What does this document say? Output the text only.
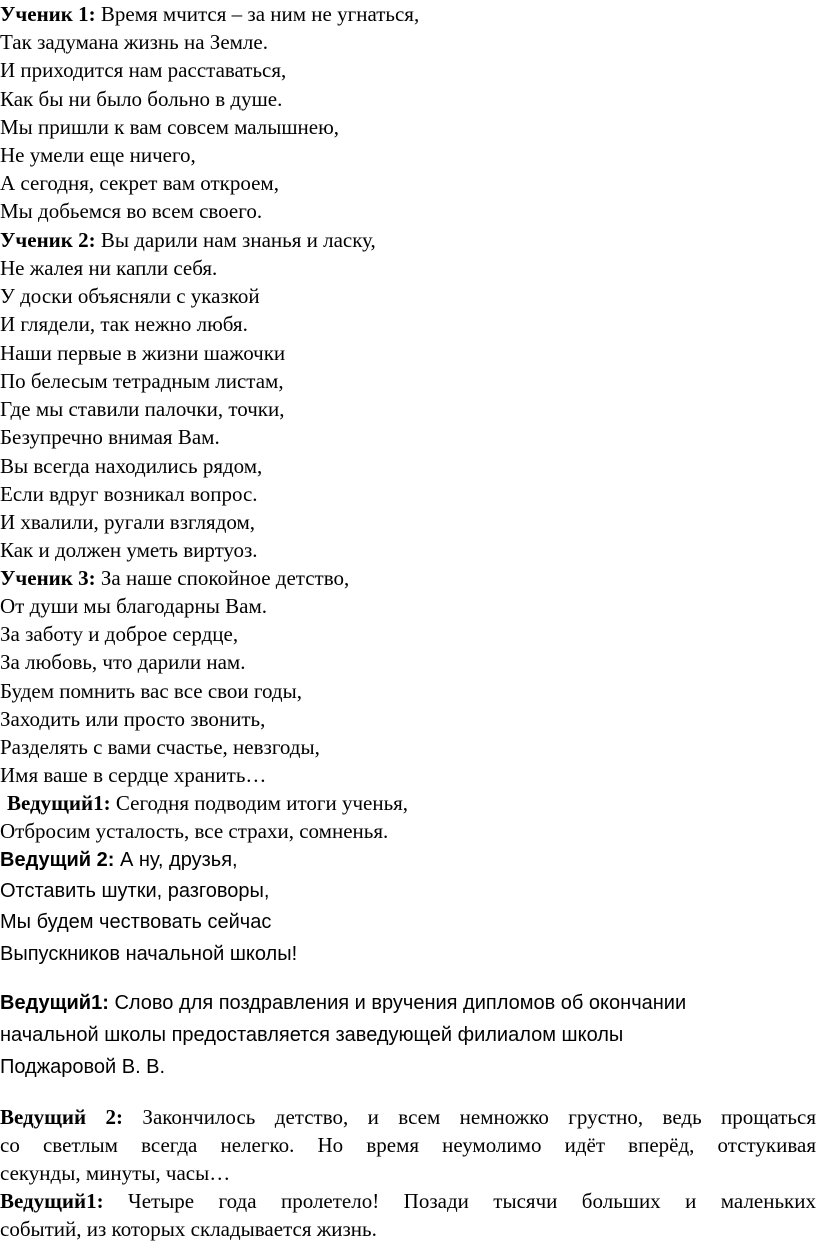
Ученик 1: Время мчится – за ним не угнаться,
Так задумана жизнь на Земле.
И приходится нам расставаться,
Как бы ни было больно в душе.
Мы пришли к вам совсем малышнею,
Не умели еще ничего,
А сегодня, секрет вам откроем,
Мы добьемся во всем своего.
Ученик 2: Вы дарили нам знанья и ласку,
Не жалея ни капли себя.
У доски объясняли с указкой
И глядели, так нежно любя.
Наши первые в жизни шажочки
По белесым тетрадным листам,
Где мы ставили палочки, точки,
Безупречно внимая Вам.
Вы всегда находились рядом,
Если вдруг возникал вопрос.
И хвалили, ругали взглядом,
Как и должен уметь виртуоз.
Ученик 3: За наше спокойное детство,
От души мы благодарны Вам.
За заботу и доброе сердце,
За любовь, что дарили нам.
Будем помнить вас все свои годы,
Заходить или просто звонить,
Разделять с вами счастье, невзгоды,
Имя ваше в сердце хранить…
Ведущий1: Сегодня подводим итоги ученья,
Отбросим усталость, все страхи, сомненья.
Ведущий 2: А ну, друзья,
Отставить шутки, разговоры,
Мы будем чествовать сейчас
Выпускников начальной школы!
Ведущий1: Слово для поздравления и вручения дипломов об окончании
начальной школы предоставляется заведующей филиалом школы
Поджаровой В. В.
Ведущий 2: Закончилось детство, и всем немножко грустно, ведь прощаться
со светлым всегда нелегко. Но время неумолимо идёт вперёд, отстукивая
секунды, минуты, часы…
Ведущий1: Четыре года пролетело! Позади тысячи больших и маленьких
событий, из которых складывается жизнь.
